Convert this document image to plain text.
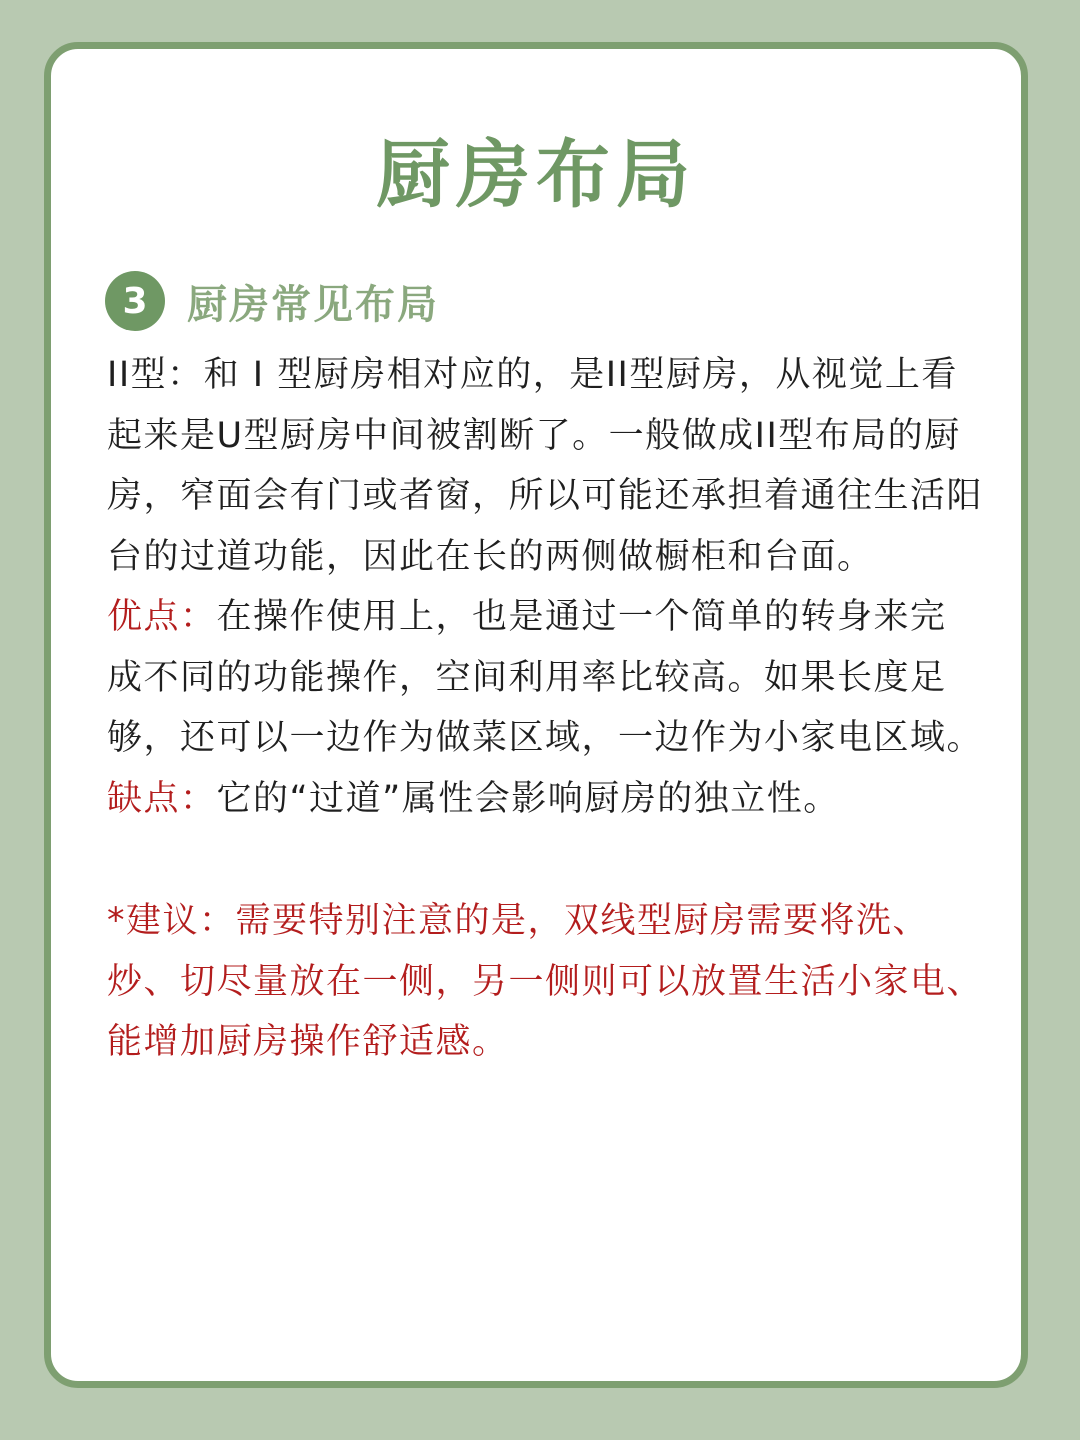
厨房布局
3 厨房常见布局

II型：和 I 型厨房相对应的，是II型厨房，从视觉上看起来是U型厨房中间被割断了。一般做成II型布局的厨房，窄面会有门或者窗，所以可能还承担着通往生活阳台的过道功能，因此在长的两侧做橱柜和台面。

优点：在操作使用上，也是通过一个简单的转身来完成不同的功能操作，空间利用率比较高。如果长度足够，还可以一边作为做菜区域，一边作为小家电区域。

缺点：它的“过道”属性会影响厨房的独立性。

*建议：需要特别注意的是，双线型厨房需要将洗、炒、切尽量放在一侧，另一侧则可以放置生活小家电、能增加厨房操作舒适感。
